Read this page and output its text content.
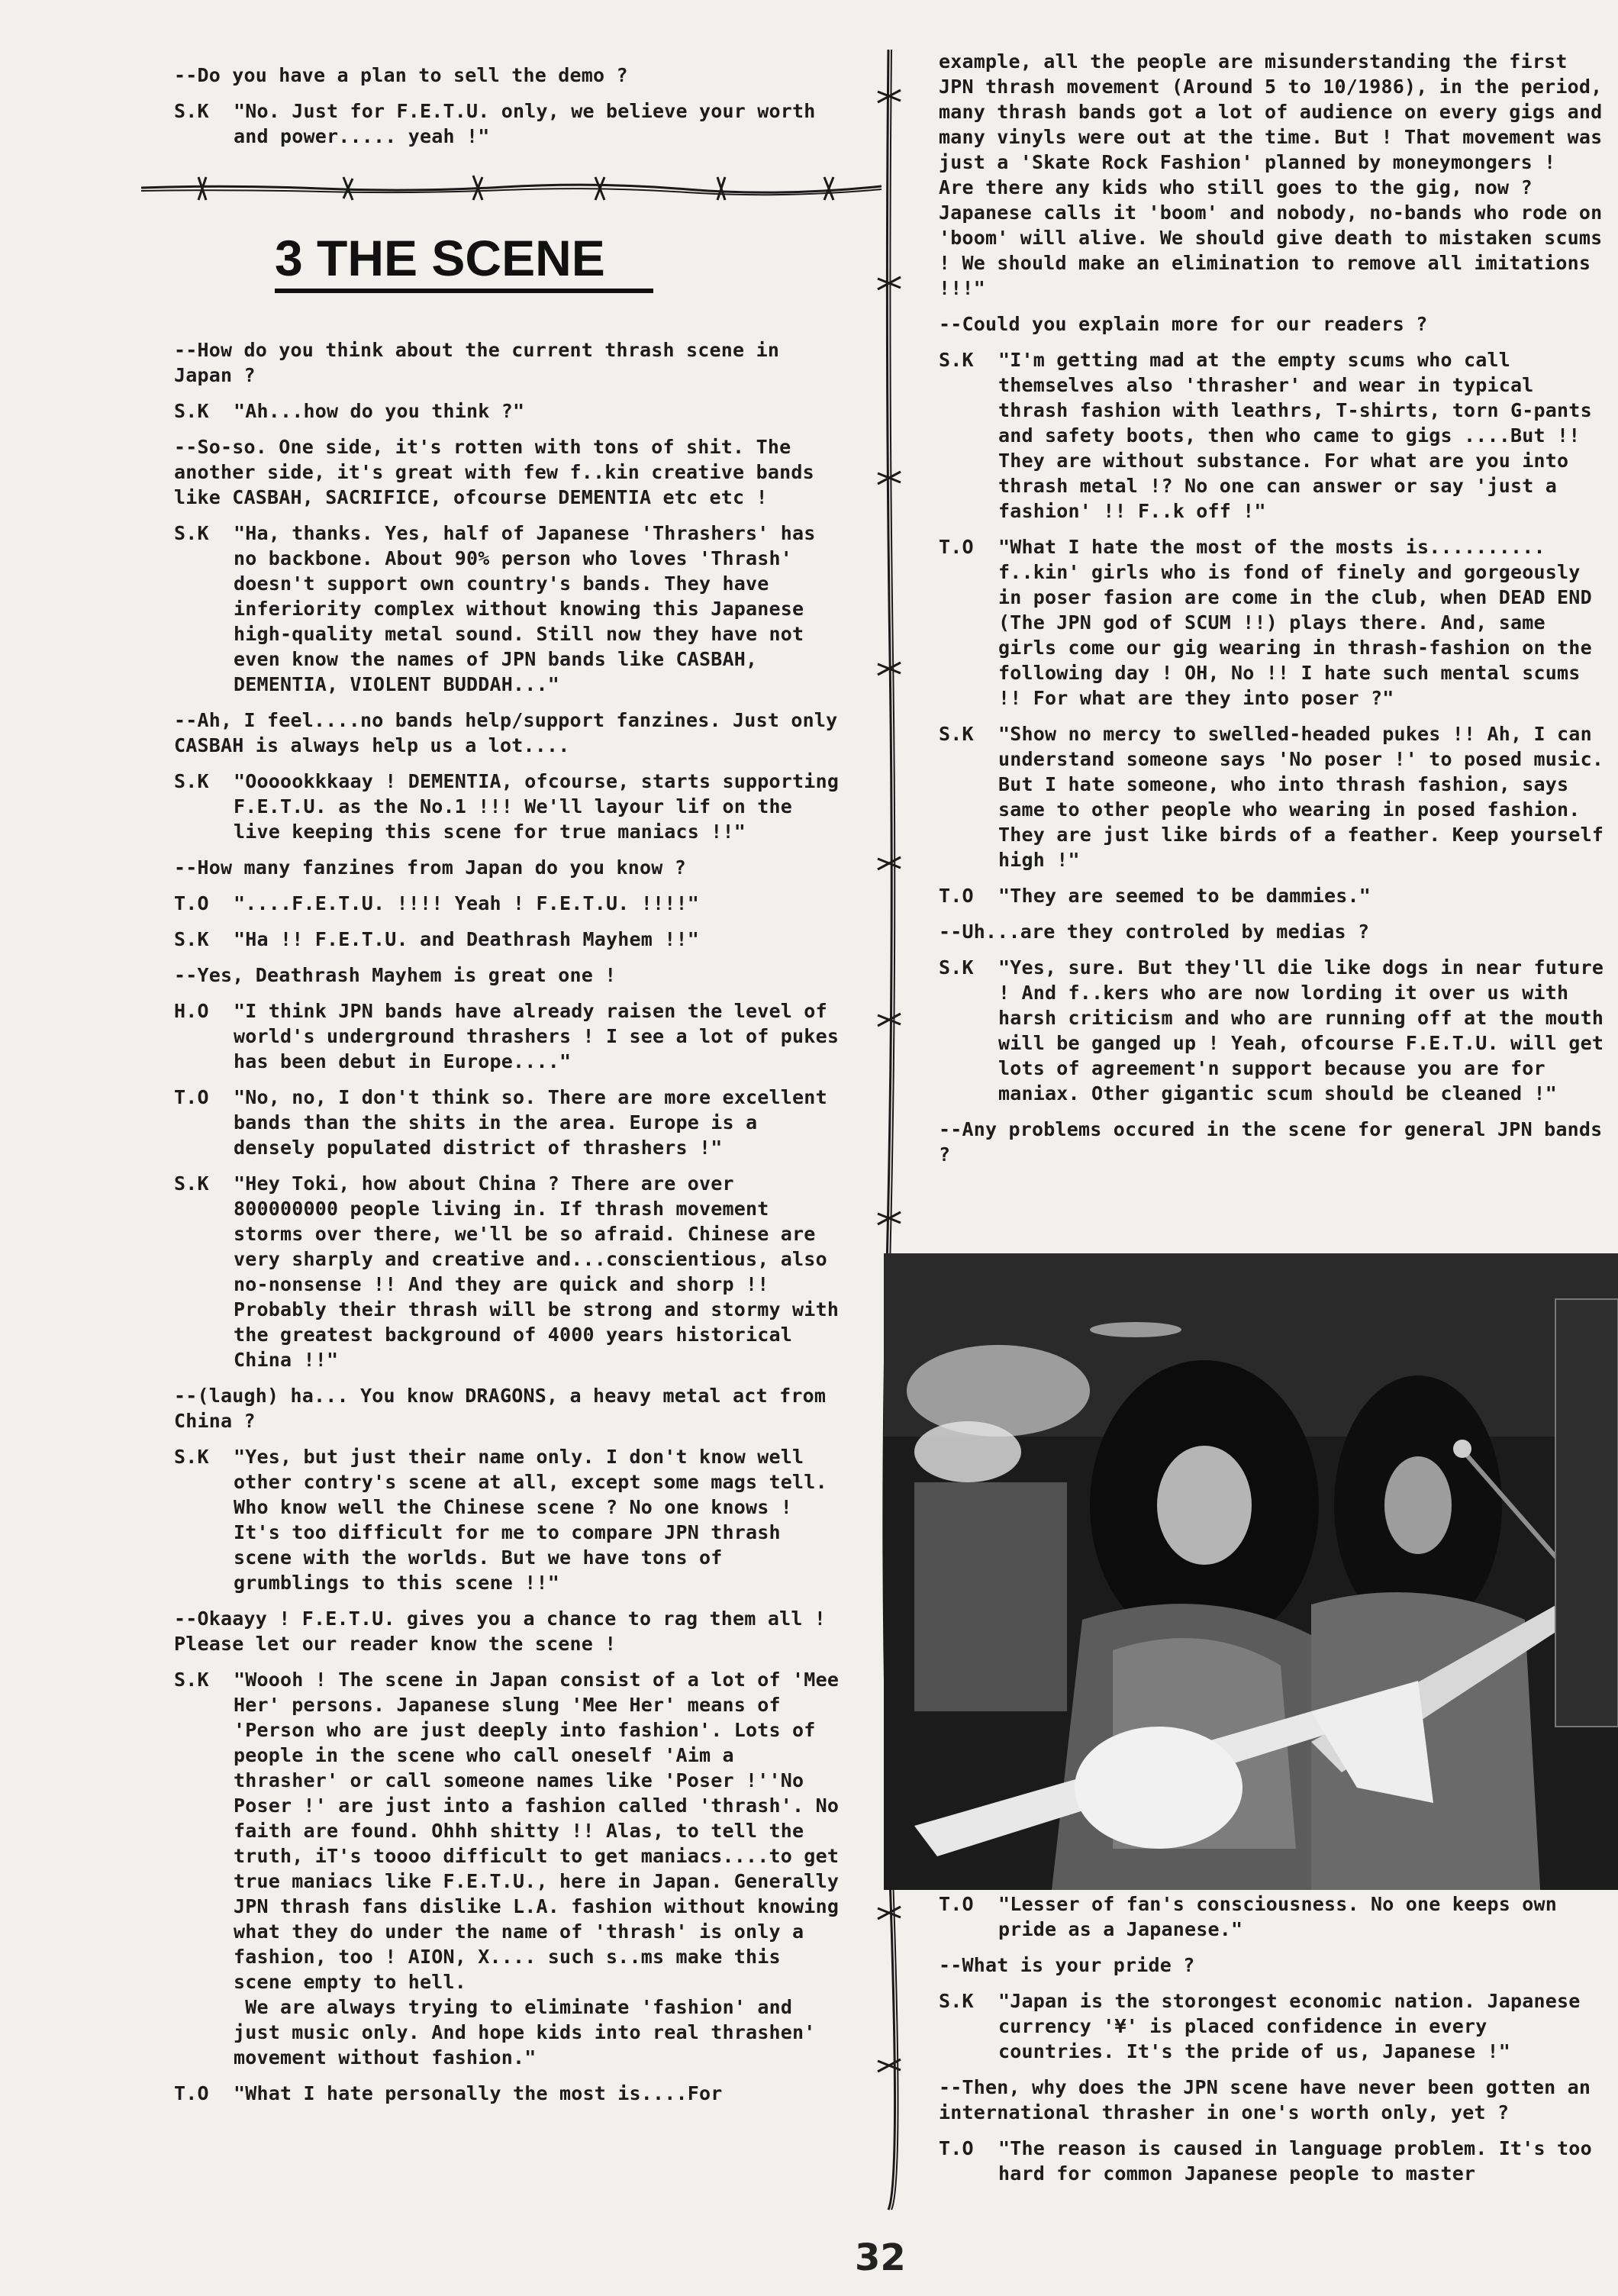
--Do you have a plan to sell the demo ?

S.K	"No. Just for F.E.T.U. only, we believe your worth and power..... yeah !"

3 THE SCENE

--How do you think about the current thrash scene in Japan ?

S.K	"Ah...how do you think ?"

--So-so. One side, it's rotten with tons of shit. The another side, it's great with few f..kin creative bands like CASBAH, SACRIFICE, ofcourse DEMENTIA etc etc !

S.K	"Ha, thanks. Yes, half of Japanese 'Thrashers' has no backbone. About 90% person who loves 'Thrash' doesn't support own country's bands. They have inferiority complex without knowing this Japanese high-quality metal sound. Still now they have not even know the names of JPN bands like CASBAH, DEMENTIA, VIOLENT BUDDAH..."

--Ah, I feel....no bands help/support fanzines. Just only CASBAH is always help us a lot....

S.K	"Oooookkkaay ! DEMENTIA, ofcourse, starts supporting F.E.T.U. as the No.1 !!! We'll layour lif on the live keeping this scene for true maniacs !!"

--How many fanzines from Japan do you know ?

T.O	"....F.E.T.U. !!!! Yeah ! F.E.T.U. !!!!"

S.K	"Ha !! F.E.T.U. and Deathrash Mayhem !!"

--Yes, Deathrash Mayhem is great one !

H.O	"I think JPN bands have already raisen the level of world's underground thrashers ! I see a lot of pukes has been debut in Europe...."

T.O	"No, no, I don't think so. There are more excellent bands than the shits in the area. Europe is a densely populated district of thrashers !"

S.K	"Hey Toki, how about China ? There are over 800000000 people living in. If thrash movement storms over there, we'll be so afraid. Chinese are very sharply and creative and...conscientious, also no-nonsense !! And they are quick and shorp !! Probably their thrash will be strong and stormy with the greatest background of 4000 years historical China !!"

--(laugh) ha... You know DRAGONS, a heavy metal act from China ?

S.K	"Yes, but just their name only. I don't know well other contry's scene at all, except some mags tell. Who know well the Chinese scene ? No one knows ! It's too difficult for me to compare JPN thrash scene with the worlds. But we have tons of grumblings to this scene !!"

--Okaayy ! F.E.T.U. gives you a chance to rag them all ! Please let our reader know the scene !

S.K	"Woooh ! The scene in Japan consist of a lot of 'Mee Her' persons. Japanese slung 'Mee Her' means of 'Person who are just deeply into fashion'. Lots of people in the scene who call oneself 'Aim a thrasher' or call someone names like 'Poser !''No Poser !' are just into a fashion called 'thrash'. No faith are found. Ohhh shitty !! Alas, to tell the truth, iT's toooo difficult to get maniacs....to get true maniacs like F.E.T.U., here in Japan. Generally JPN thrash fans dislike L.A. fashion without knowing what they do under the name of 'thrash' is only a fashion, too ! AION, X.... such s..ms make this scene empty to hell.
We are always trying to eliminate 'fashion' and just music only. And hope kids into real thrashen' movement without fashion."

T.O	"What I hate personally the most is....For

example, all the people are misunderstanding the first JPN thrash movement (Around 5 to 10/1986), in the period, many thrash bands got a lot of audience on every gigs and many vinyls were out at the time. But ! That movement was just a 'Skate Rock Fashion' planned by moneymongers !
Are there any kids who still goes to the gig, now ? Japanese calls it 'boom' and nobody, no-bands who rode on 'boom' will alive. We should give death to mistaken scums ! We should make an elimination to remove all imitations !!!"

--Could you explain more for our readers ?

S.K	"I'm getting mad at the empty scums who call themselves also 'thrasher' and wear in typical thrash fashion with leathrs, T-shirts, torn G-pants and safety boots, then who came to gigs ....But !! They are without substance. For what are you into thrash metal !? No one can answer or say 'just a fashion' !! F..k off !"

T.O	"What I hate the most of the mosts is.......... f..kin' girls who is fond of finely and gorgeously in poser fasion are come in the club, when DEAD END (The JPN god of SCUM !!) plays there. And, same girls come our gig wearing in thrash-fashion on the following day ! OH, No !! I hate such mental scums !! For what are they into poser ?"

S.K	"Show no mercy to swelled-headed pukes !! Ah, I can understand someone says 'No poser !' to posed music. But I hate someone, who into thrash fashion, says same to other people who wearing in posed fashion. They are just like birds of a feather. Keep yourself high !"

T.O	"They are seemed to be dammies."

--Uh...are they controled by medias ?

S.K	"Yes, sure. But they'll die like dogs in near future ! And f..kers who are now lording it over us with harsh criticism and who are running off at the mouth will be ganged up ! Yeah, ofcourse F.E.T.U. will get lots of agreement'n support because you are for maniax. Other gigantic scum should be cleaned !"

--Any problems occured in the scene for general JPN bands ?

T.O	"Lesser of fan's consciousness. No one keeps own pride as a Japanese."

--What is your pride ?

S.K	"Japan is the storongest economic nation. Japanese currency '¥' is placed confidence in every countries. It's the pride of us, Japanese !"

--Then, why does the JPN scene have never been gotten an international thrasher in one's worth only, yet ?

T.O	"The reason is caused in language problem. It's too hard for common Japanese people to master

32
